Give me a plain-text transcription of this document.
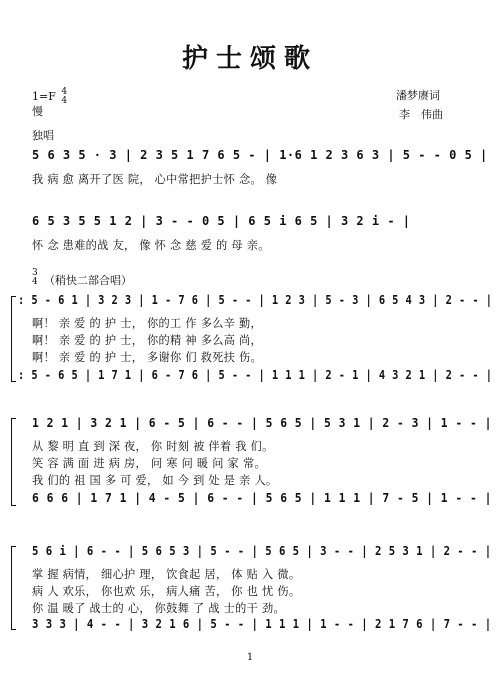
护士颂歌
1=F 4
4
慢
潘梦赓词
李　伟曲
独唱
5 6 3 5 · 3 | 2 3 5 1 7 6 5 - | 1·6 1 2 3 6 3 | 5 - - 0 5 |
我 病 愈 离开了医 院， 心中常把护士怀 念。 像
6 5 3 5 5 1 2 | 3 - - 0 5 | 6 5 i 6 5 | 3 2 i - |
怀 念 患难的战 友， 像 怀 念 慈 爱 的 母 亲。
3
4 （稍快二部合唱）
: 5 - 6 1 | 3 2 3 | 1 - 7 6 | 5 - - | 1 2 3 | 5 - 3 | 6 5 4 3 | 2 - - |
啊！ 亲 爱 的 护 士， 你的工 作 多么辛 勤，
啊！ 亲 爱 的 护 士， 你的精 神 多么高 尚，
啊！ 亲 爱 的 护 士， 多谢你 们 救死扶 伤。
: 5 - 6 5 | 1 7 1 | 6 - 7 6 | 5 - - | 1 1 1 | 2 - 1 | 4 3 2 1 | 2 - - |
1 2 1 | 3 2 1 | 6 - 5 | 6 - - | 5 6 5 | 5 3 1 | 2 - 3 | 1 - - |
从 黎 明 直 到 深 夜， 你 时刻 被 伴着 我 们。
笑 容 满 面 进 病 房， 问 寒 问 暖 问 家 常。
我 们的 祖 国 多 可 爱， 如 今 到 处 是 亲 人。
6 6 6 | 1 7 1 | 4 - 5 | 6 - - | 5 6 5 | 1 1 1 | 7 - 5 | 1 - - |
5 6 i | 6 - - | 5 6 5 3 | 5 - - | 5 6 5 | 3 - - | 2 5 3 1 | 2 - - |
掌 握 病情， 细心护 理， 饮食起 居， 体 贴 入 微。
病 人 欢乐， 你也欢 乐， 病人痛 苦， 你 也 忧 伤。
你 温 暖了 战士的 心， 你鼓舞 了 战 士的干 劲。
3 3 3 | 4 - - | 3 2 1 6 | 5 - - | 1 1 1 | 1 - - | 2 1 7 6 | 7 - - |
1
